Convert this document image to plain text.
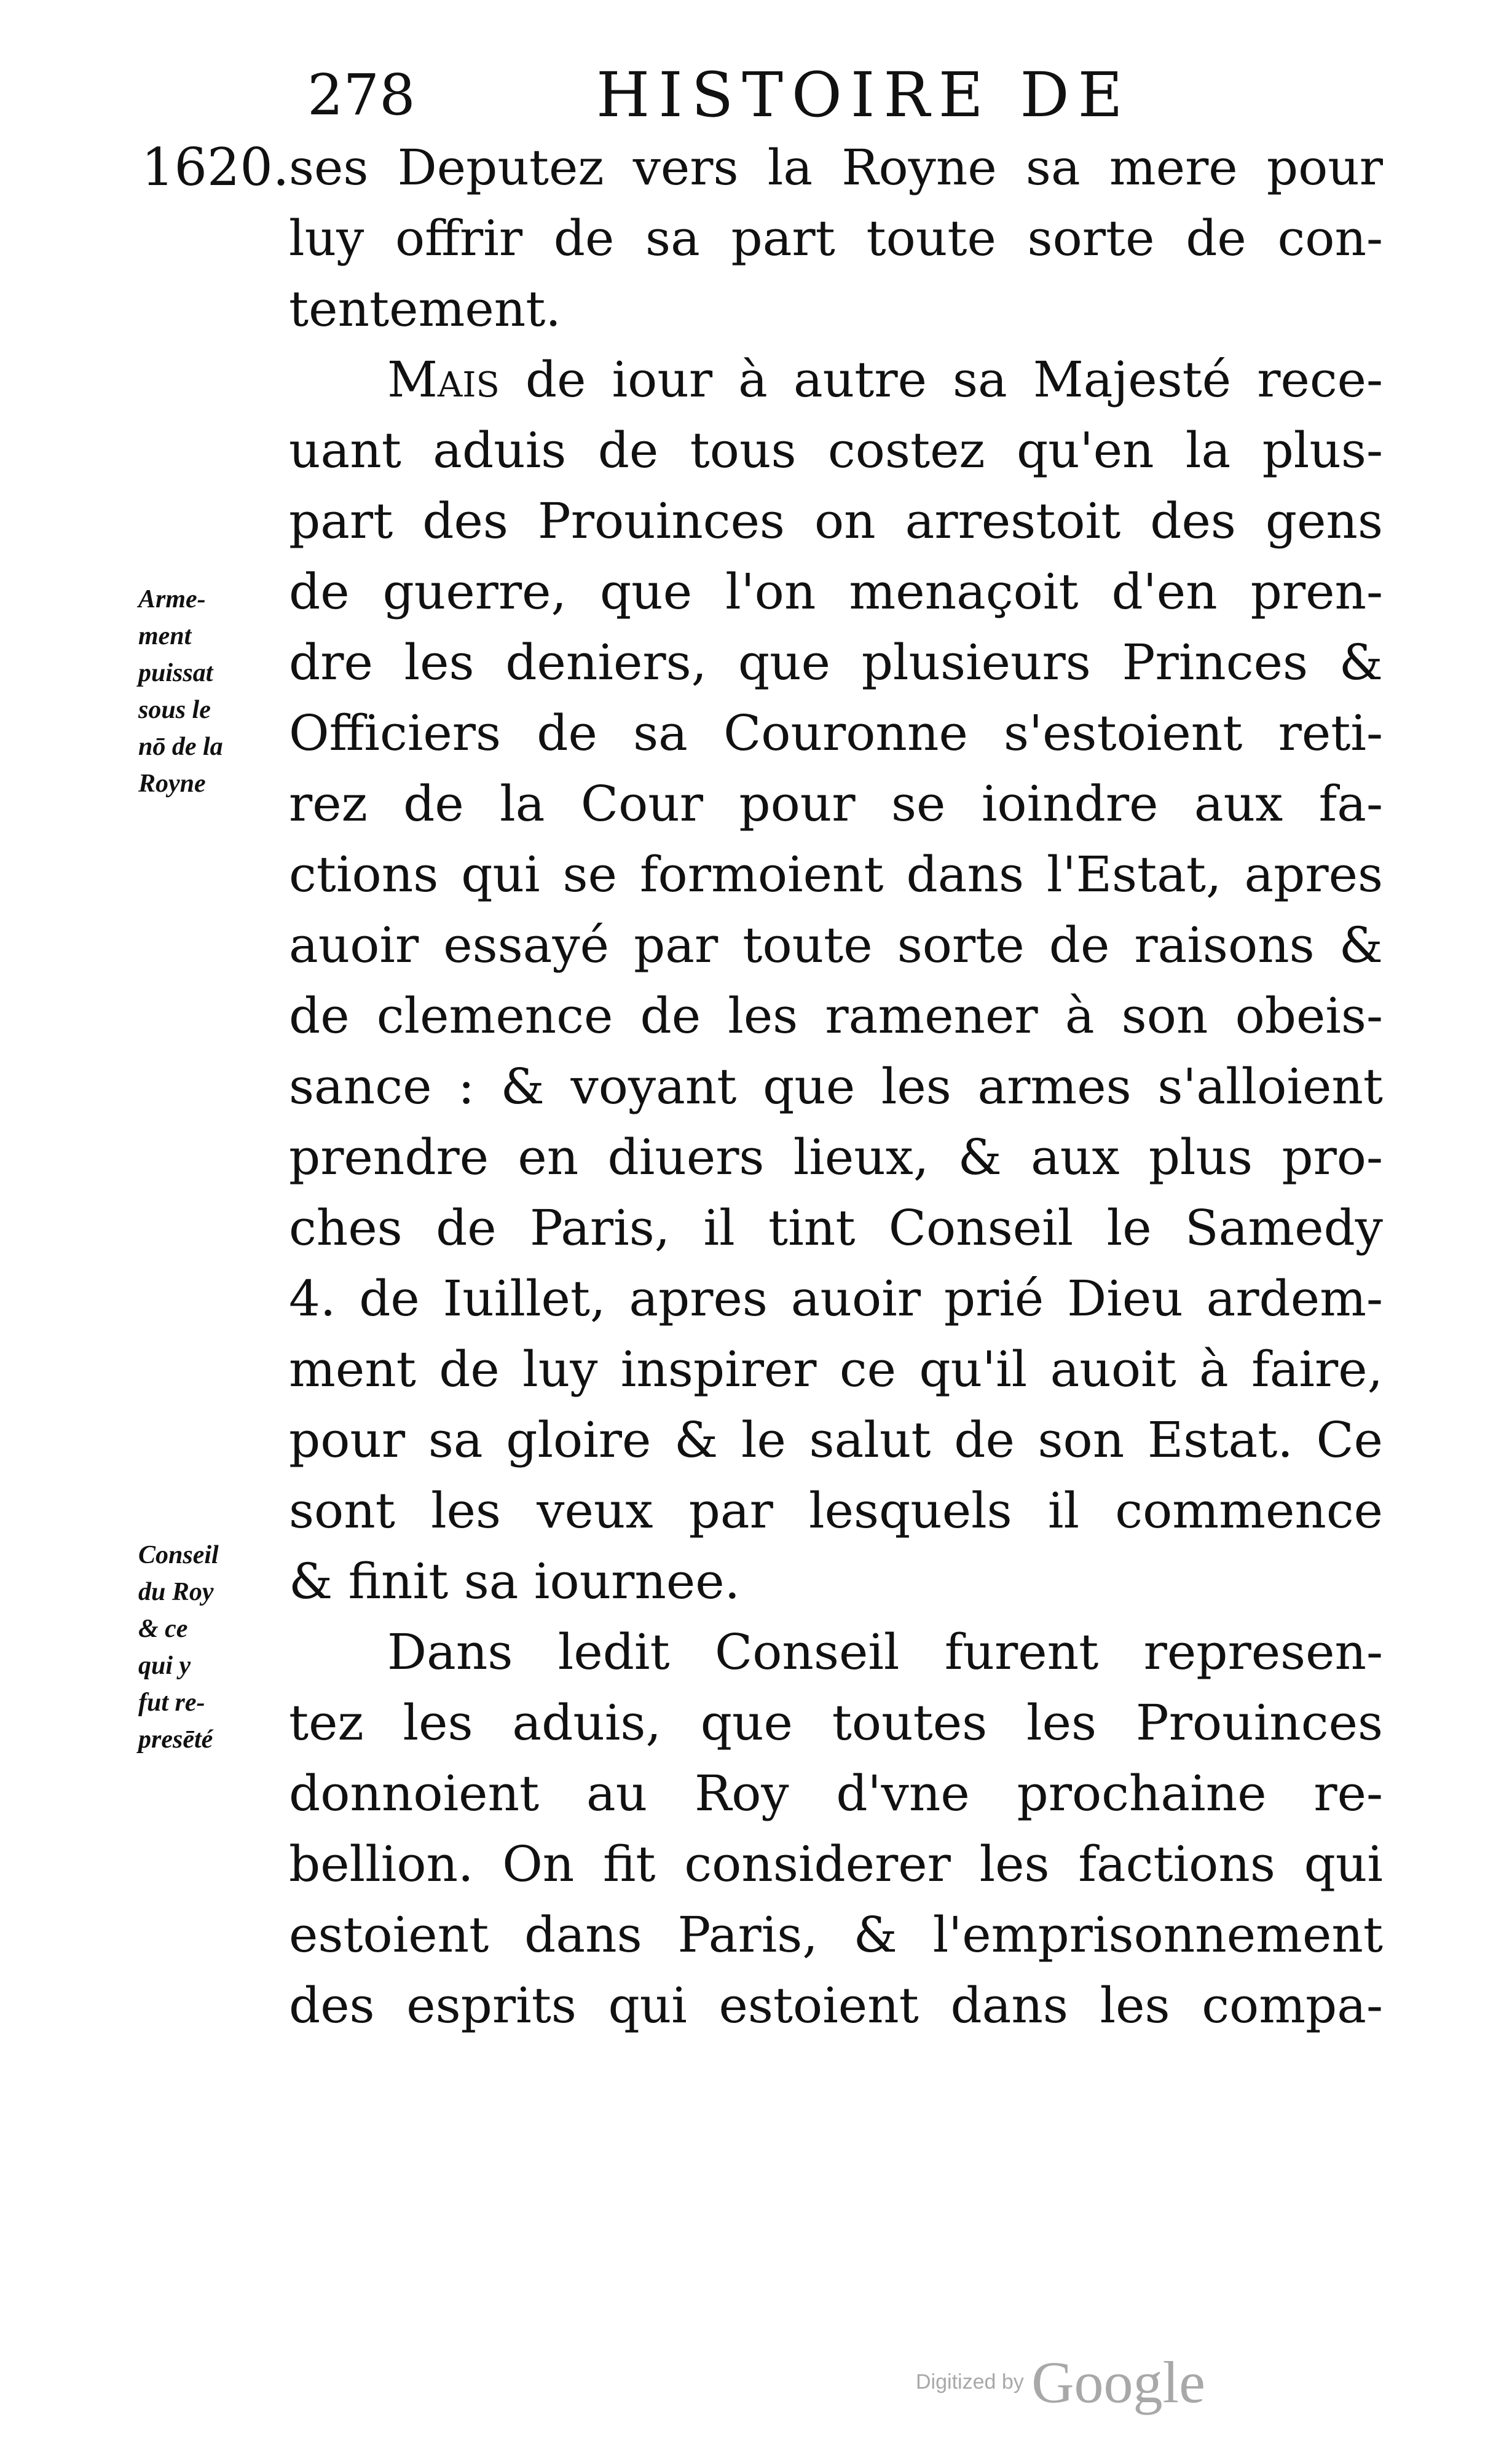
278	HISTOIRE DE
1620. ses Deputez vers la Royne sa mere pour
luy offrir de sa part toute sorte de con-
tentement.
Mais de iour à autre sa Majesté rece-
uant aduis de tous costez qu'en la plus-
part des Prouinces on arrestoit des gens
de guerre, que l'on menaçoit d'en pren-
dre les deniers, que plusieurs Princes &
Officiers de sa Couronne s'estoient reti-
rez de la Cour pour se ioindre aux fa-
ctions qui se formoient dans l'Estat, apres
auoir essayé par toute sorte de raisons &
de clemence de les ramener à son obeis-
sance : & voyant que les armes s'alloient
prendre en diuers lieux, & aux plus pro-
ches de Paris, il tint Conseil le Samedy
4. de Iuillet, apres auoir prié Dieu ardem-
ment de luy inspirer ce qu'il auoit à faire,
pour sa gloire & le salut de son Estat. Ce
sont les veux par lesquels il commence
& finit sa iournee.
Dans ledit Conseil furent represen-
tez les aduis, que toutes les Prouinces
donnoient au Roy d'vne prochaine re-
bellion. On fit considerer les factions qui
estoient dans Paris, & l'emprisonnement
des esprits qui estoient dans les compa-
Arme-
ment
puissat
sous le
nō de la
Royne
Conseil
du Roy
& ce
qui y
fut re-
presēté
Digitized by Google
